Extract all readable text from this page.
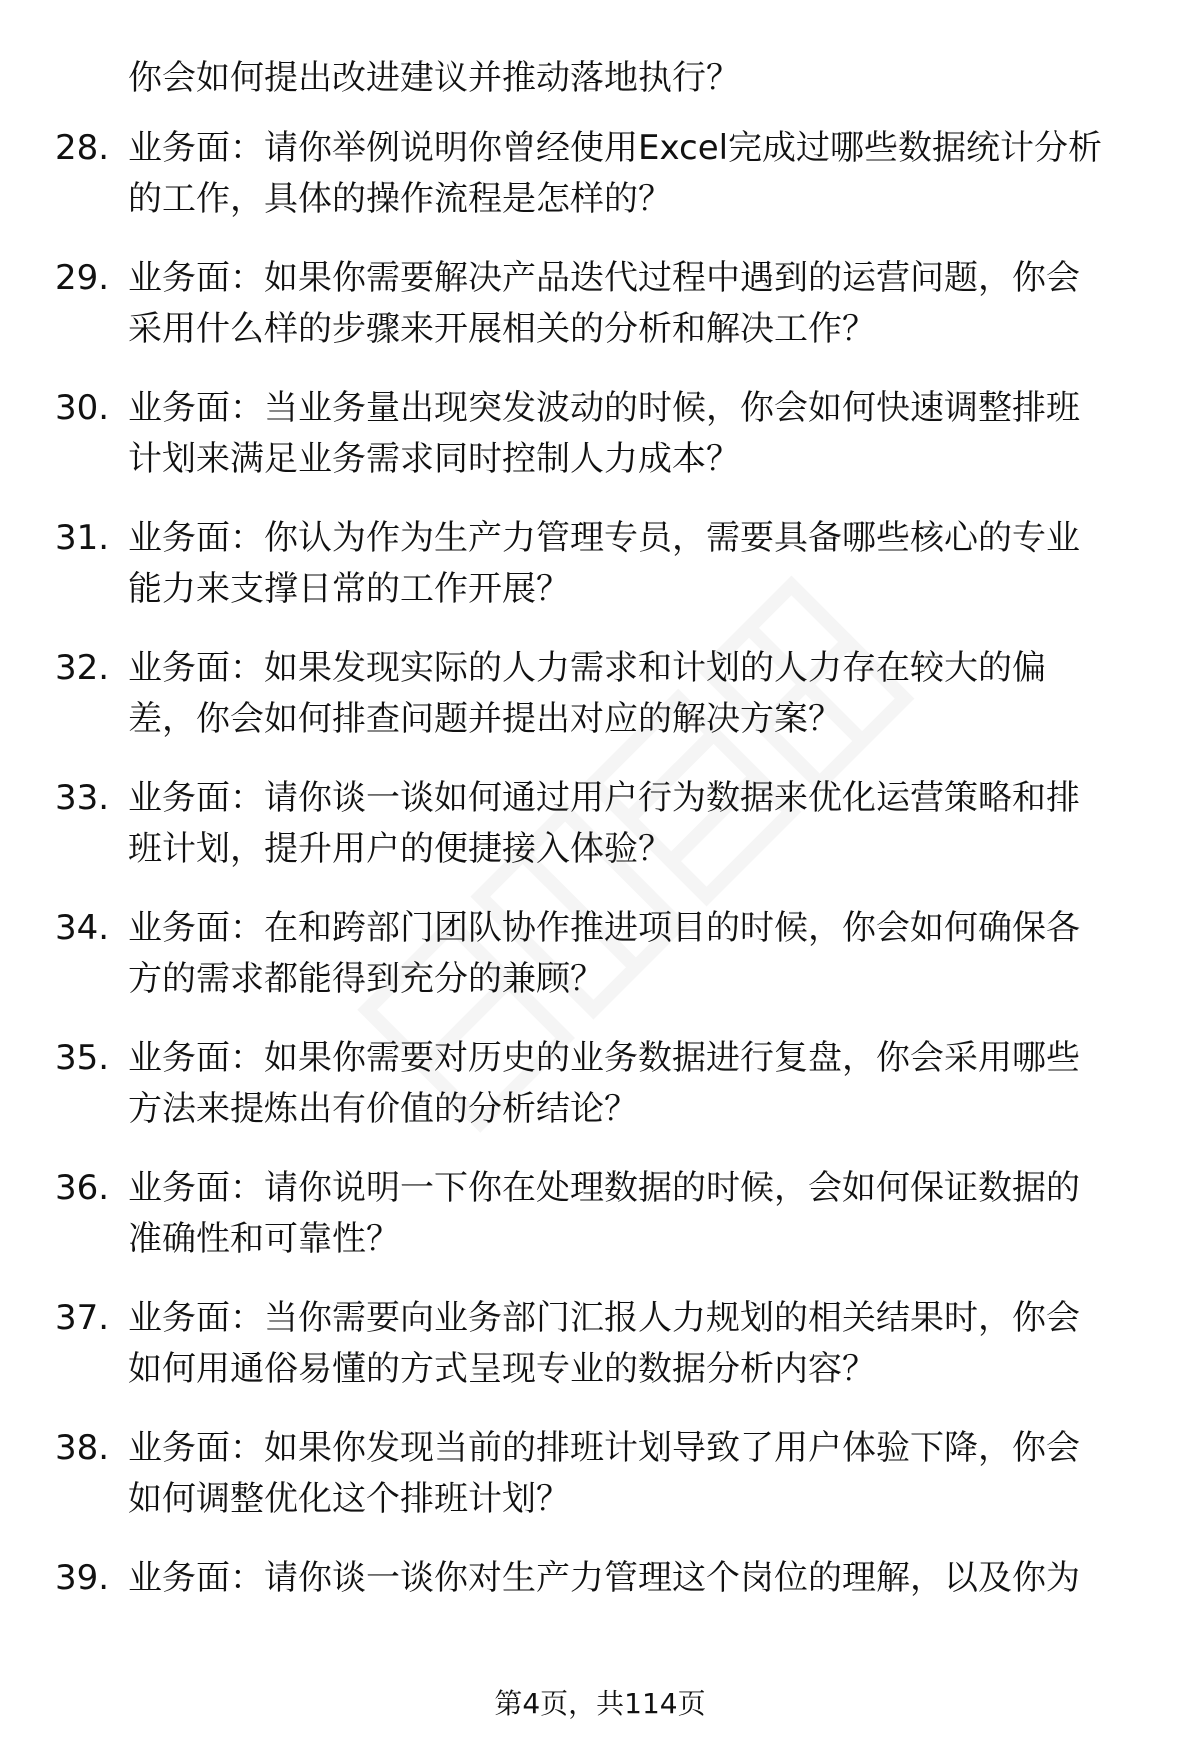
你会如何提出改进建议并推动落地执行？
28. 业务面：请你举例说明你曾经使用Excel完成过哪些数据统计分析
的工作，具体的操作流程是怎样的？
29. 业务面：如果你需要解决产品迭代过程中遇到的运营问题，你会
采用什么样的步骤来开展相关的分析和解决工作？
30. 业务面：当业务量出现突发波动的时候，你会如何快速调整排班
计划来满足业务需求同时控制人力成本？
31. 业务面：你认为作为生产力管理专员，需要具备哪些核心的专业
能力来支撑日常的工作开展？
32. 业务面：如果发现实际的人力需求和计划的人力存在较大的偏
差，你会如何排查问题并提出对应的解决方案？
33. 业务面：请你谈一谈如何通过用户行为数据来优化运营策略和排
班计划，提升用户的便捷接入体验？
34. 业务面：在和跨部门团队协作推进项目的时候，你会如何确保各
方的需求都能得到充分的兼顾？
35. 业务面：如果你需要对历史的业务数据进行复盘，你会采用哪些
方法来提炼出有价值的分析结论？
36. 业务面：请你说明一下你在处理数据的时候，会如何保证数据的
准确性和可靠性？
37. 业务面：当你需要向业务部门汇报人力规划的相关结果时，你会
如何用通俗易懂的方式呈现专业的数据分析内容？
38. 业务面：如果你发现当前的排班计划导致了用户体验下降，你会
如何调整优化这个排班计划？
39. 业务面：请你谈一谈你对生产力管理这个岗位的理解，以及你为
第4页，共114页
